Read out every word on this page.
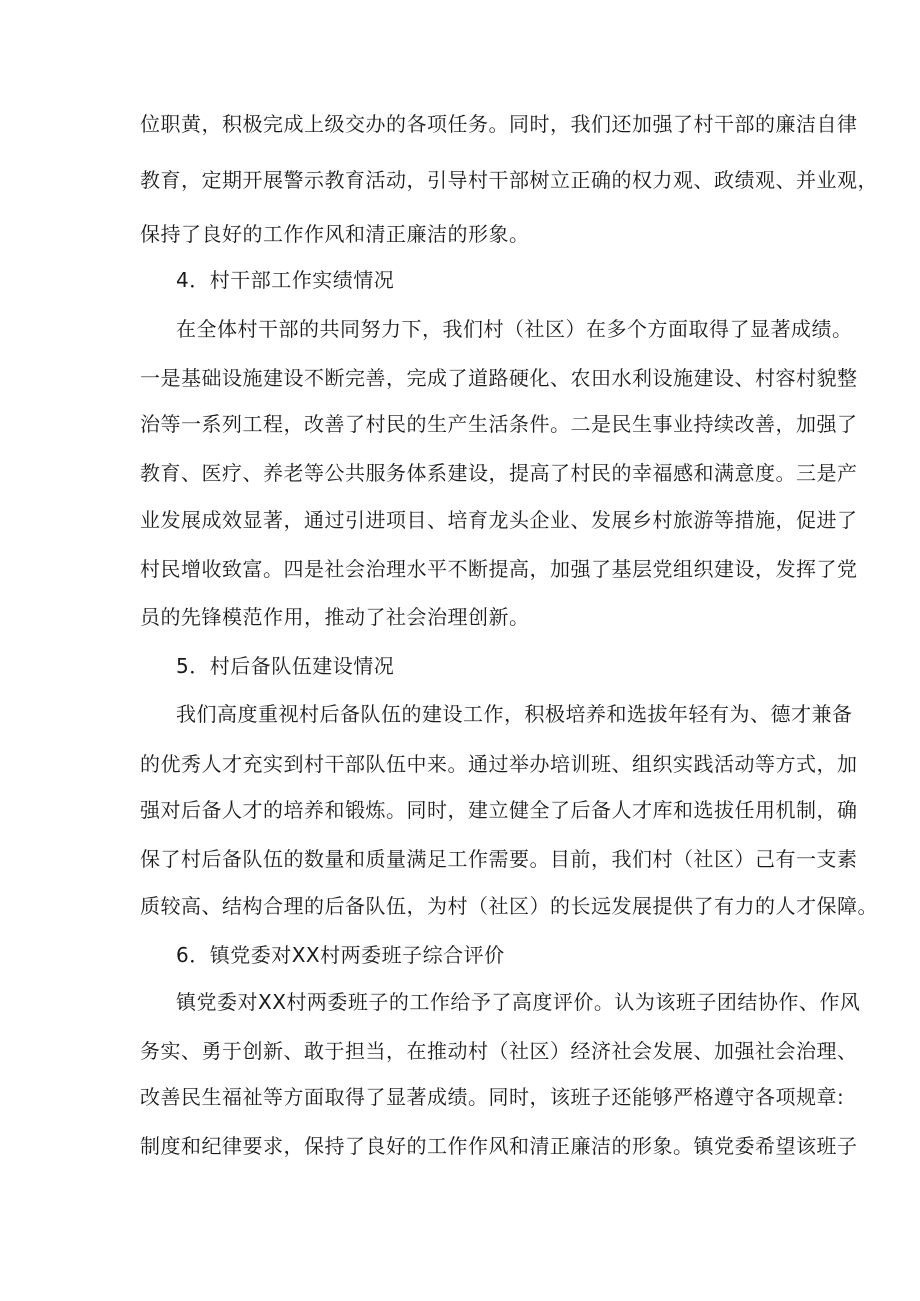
位职黄，积极完成上级交办的各项任务。同时，我们还加强了村干部的廉洁自律
教育，定期开展警示教育活动，引导村干部树立正确的权力观、政绩观、并业观，
保持了良好的工作作风和清正廉洁的形象。
4．村干部工作实绩情况
在全体村干部的共同努力下，我们村（社区）在多个方面取得了显著成绩。
一是基础设施建设不断完善，完成了道路硬化、农田水利设施建设、村容村貌整
治等一系列工程，改善了村民的生产生活条件。二是民生事业持续改善，加强了
教育、医疗、养老等公共服务体系建设，提高了村民的幸福感和满意度。三是产
业发展成效显著，通过引进项目、培育龙头企业、发展乡村旅游等措施，促进了
村民增收致富。四是社会治理水平不断提高，加强了基层党组织建设，发挥了党
员的先锋模范作用，推动了社会治理创新。
5．村后备队伍建设情况
我们高度重视村后备队伍的建设工作，积极培养和选拔年轻有为、德才兼备
的优秀人才充实到村干部队伍中来。通过举办培训班、组织实践活动等方式，加
强对后备人才的培养和锻炼。同时，建立健全了后备人才库和选拔任用机制，确
保了村后备队伍的数量和质量满足工作需要。目前，我们村（社区）己有一支素
质较高、结构合理的后备队伍，为村（社区）的长远发展提供了有力的人才保障。
6．镇党委对XX村两委班子综合评价
镇党委对XX村两委班子的工作给予了高度评价。认为该班子团结协作、作风
务实、勇于创新、敢于担当，在推动村（社区）经济社会发展、加强社会治理、
改善民生福祉等方面取得了显著成绩。同时，该班子还能够严格遵守各项规章:
制度和纪律要求，保持了良好的工作作风和清正廉洁的形象。镇党委希望该班子
